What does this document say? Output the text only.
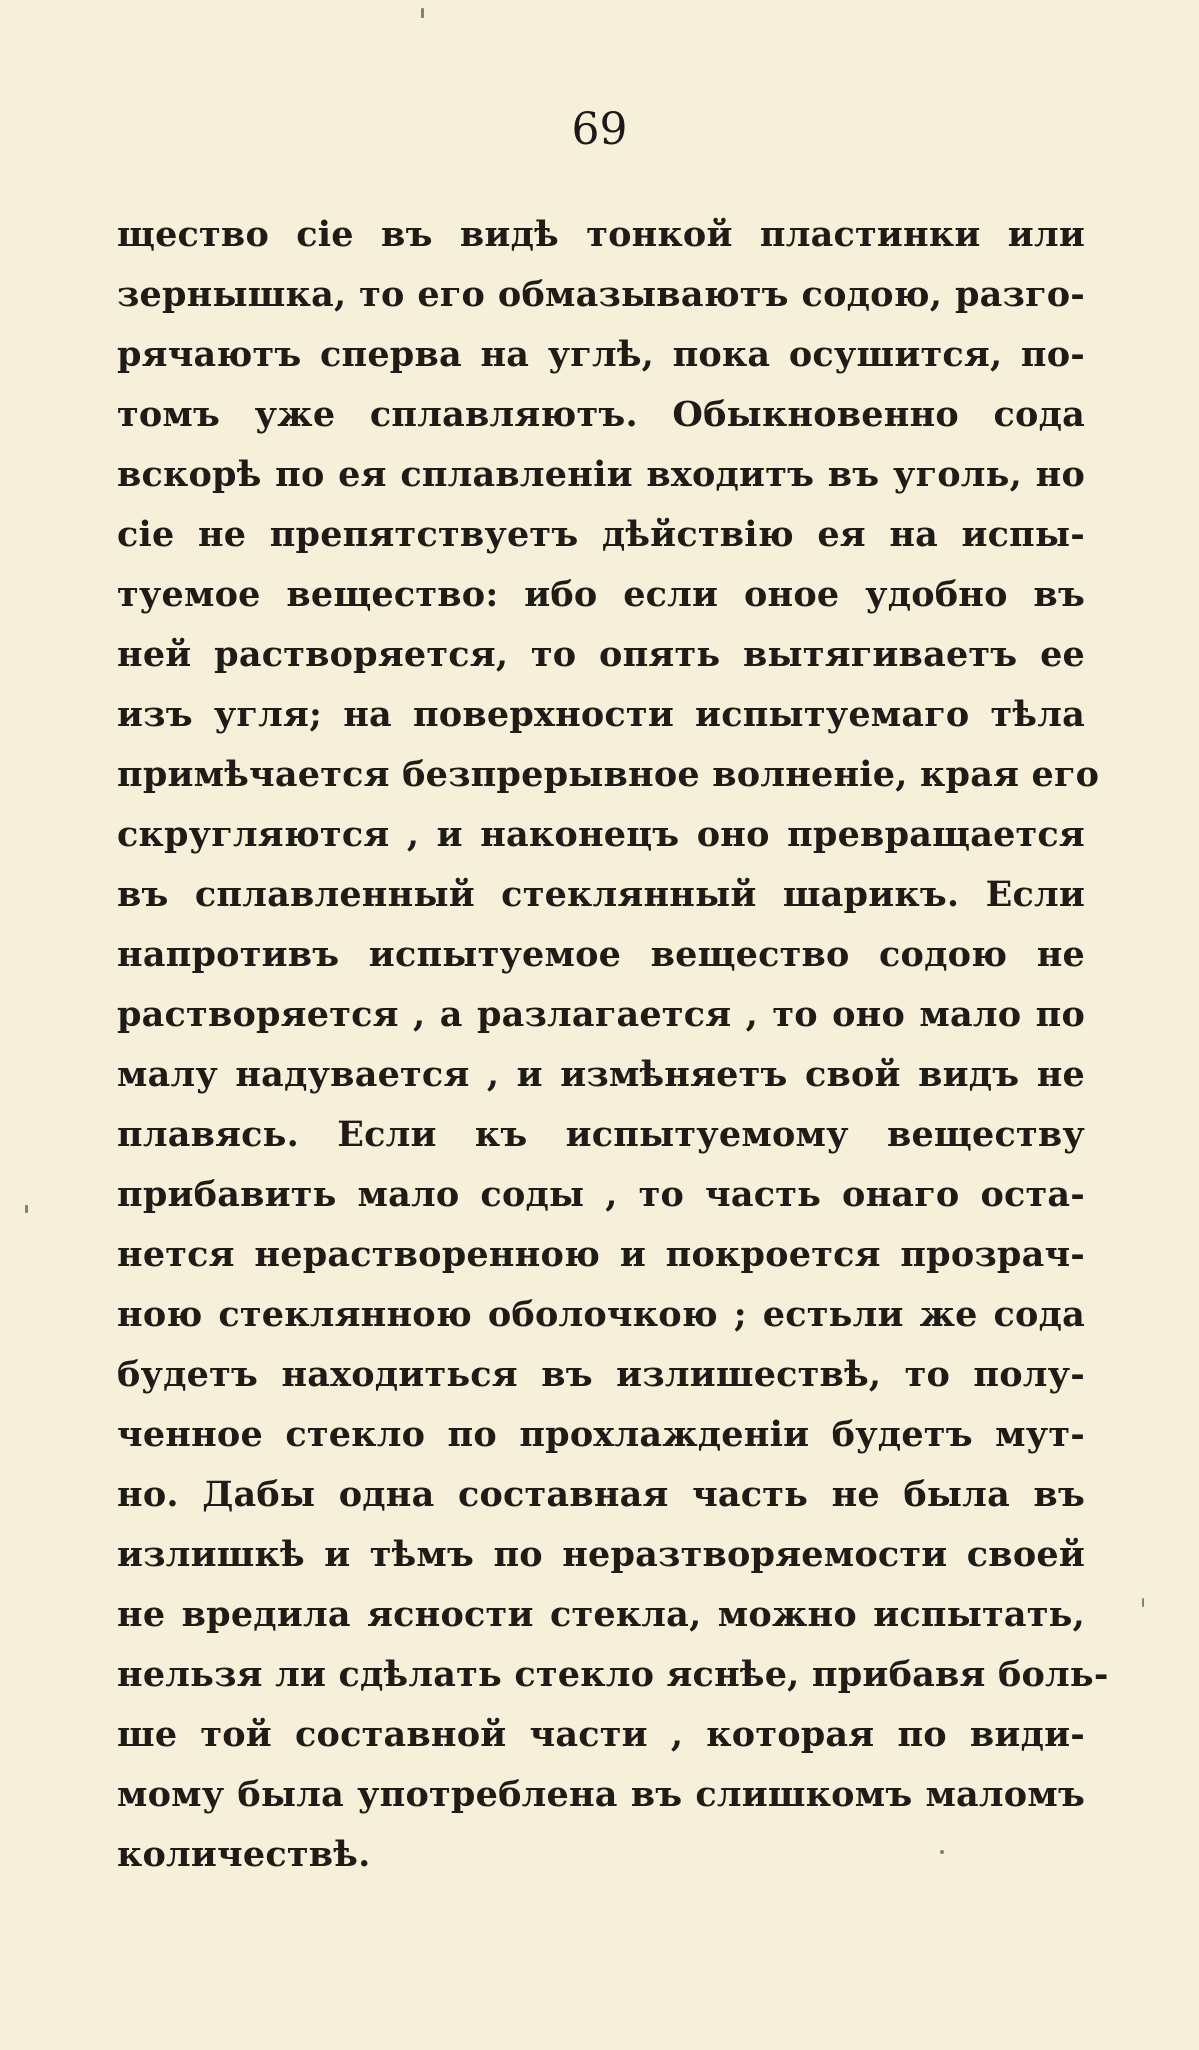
69
щество сіе въ видѣ тонкой пластинки или
зернышка, то его обмазываютъ содою, разго-
рячаютъ сперва на углѣ, пока осушится, по-
томъ уже сплавляютъ. Обыкновенно сода
вскорѣ по ея сплавленіи входитъ въ уголь, но
сіе не препятствуетъ дѣйствію ея на испы-
туемое вещество: ибо если оное удобно въ
ней растворяется, то опять вытягиваетъ ее
изъ угля; на поверхности испытуемаго тѣла
примѣчается безпрерывное волненіе, края его
скругляются , и наконецъ оно превращается
въ сплавленный стеклянный шарикъ. Если
напротивъ испытуемое вещество содою не
растворяется , а разлагается , то оно мало по
малу надувается , и измѣняетъ свой видъ не
плавясь. Если къ испытуемому веществу
прибавить мало соды , то часть онаго оста-
нется нерастворенною и покроется прозрач-
ною стеклянною оболочкою ; естьли же сода
будетъ находиться въ излишествѣ, то полу-
ченное стекло по прохлажденіи будетъ мут-
но. Дабы одна составная часть не была въ
излишкѣ и тѣмъ по неразтворяемости своей
не вредила ясности стекла, можно испытать,
нельзя ли сдѣлать стекло яснѣе, прибавя боль-
ше той составной части , которая по види-
мому была употреблена въ слишкомъ маломъ
количествѣ.
